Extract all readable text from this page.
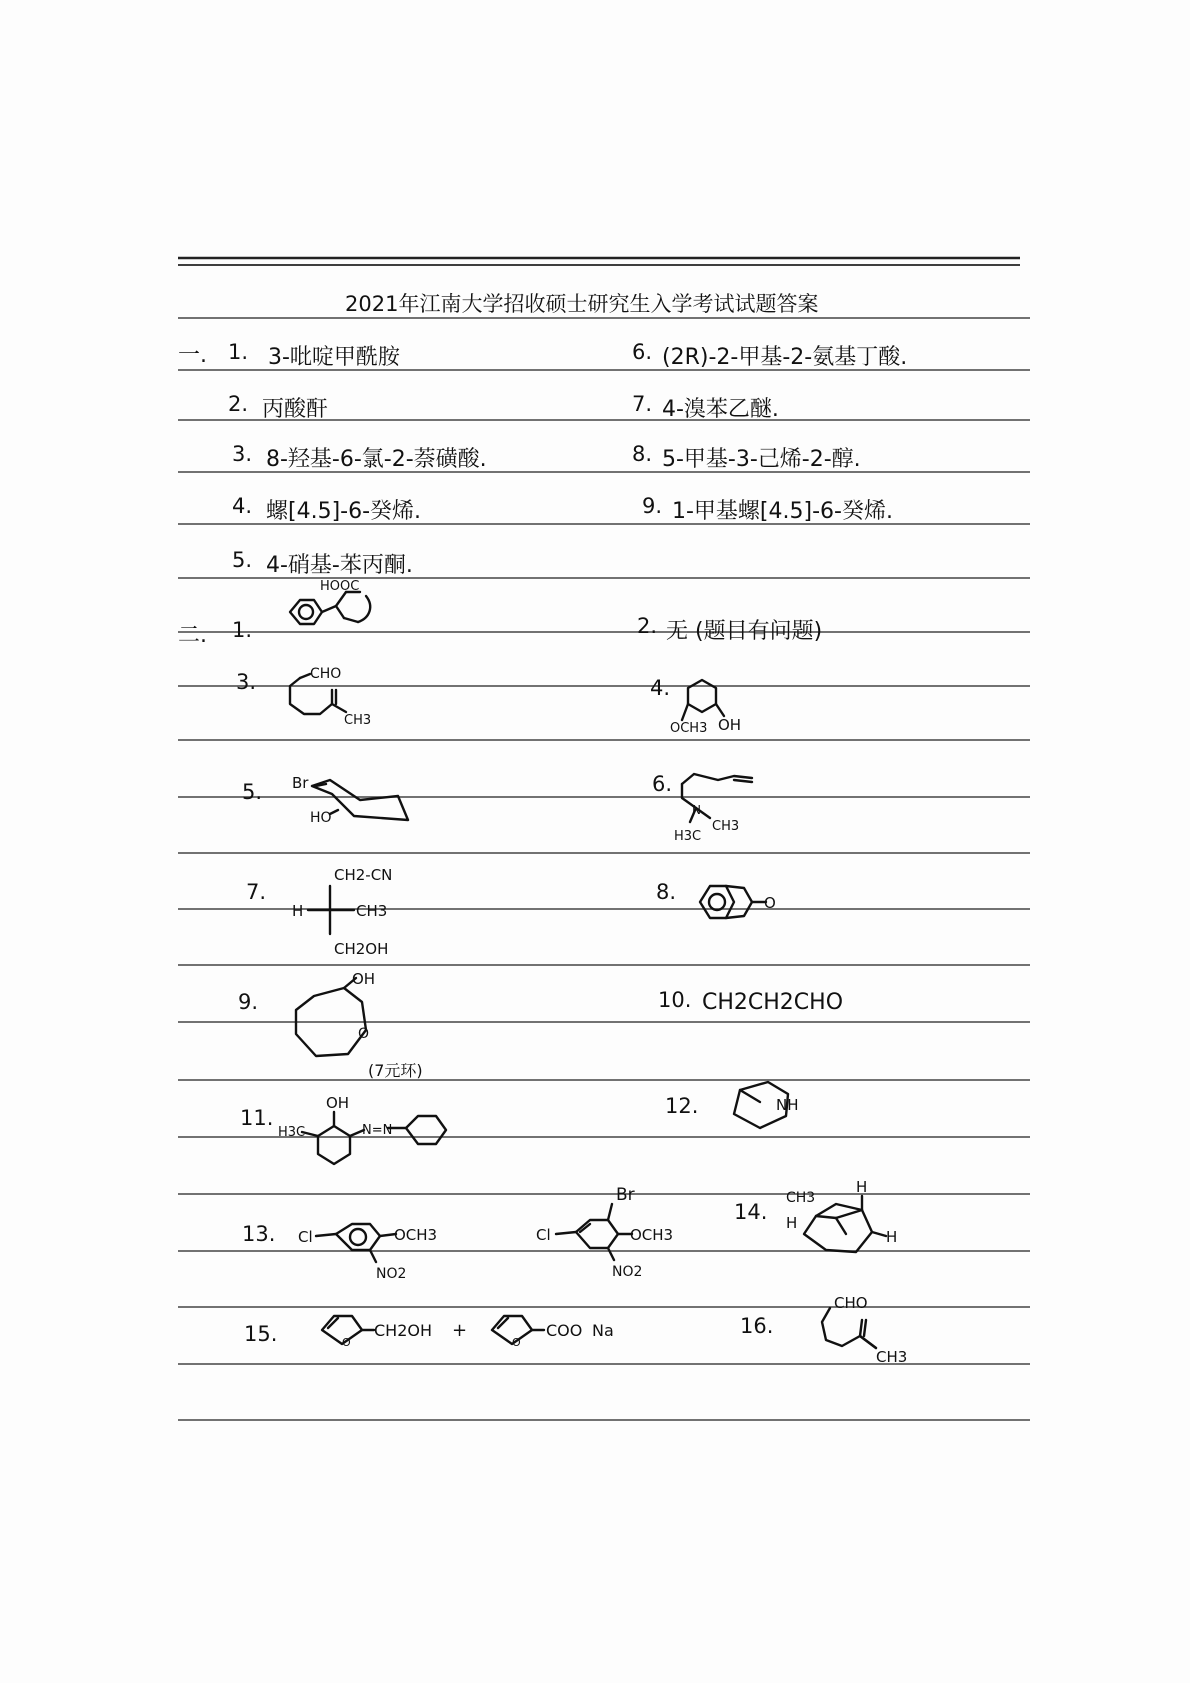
2021年江南大学招收硕士研究生入学考试试题答案
一. 1. 3-吡啶甲酰胺
2. 丙酸酐
3. 8-羟基-6-氯-2-萘磺酸.
4. 螺[4.5]-6-癸烯.
5. 4-硝基-苯丙酮.
6. (2R)-2-甲基-2-氨基丁酸.
7. 4-溴苯乙醚.
8. 5-甲基-3-己烯-2-醇.
9. 1-甲基螺[4.5]-6-癸烯.
二. 1.
HOOC
2. 无 (题目有问题)
3.	CHO
CH3
4.
OCH3 OH
5. Br
HO
6.
N
H3C
CH3
7.
CH2-CN
H	CH3
CH2OH
8.	O
9.
OH
O
(7元环)
10. CH2CH2CHO
11.
OH
H3C	N=N
12.	NH
13. Cl	OCH3
NO2
Br
Cl	OCH3
NO2
14.
CH3
H
H
H
15.	O
CH2OH +
O
COO Na	16.
CHO
CH3
